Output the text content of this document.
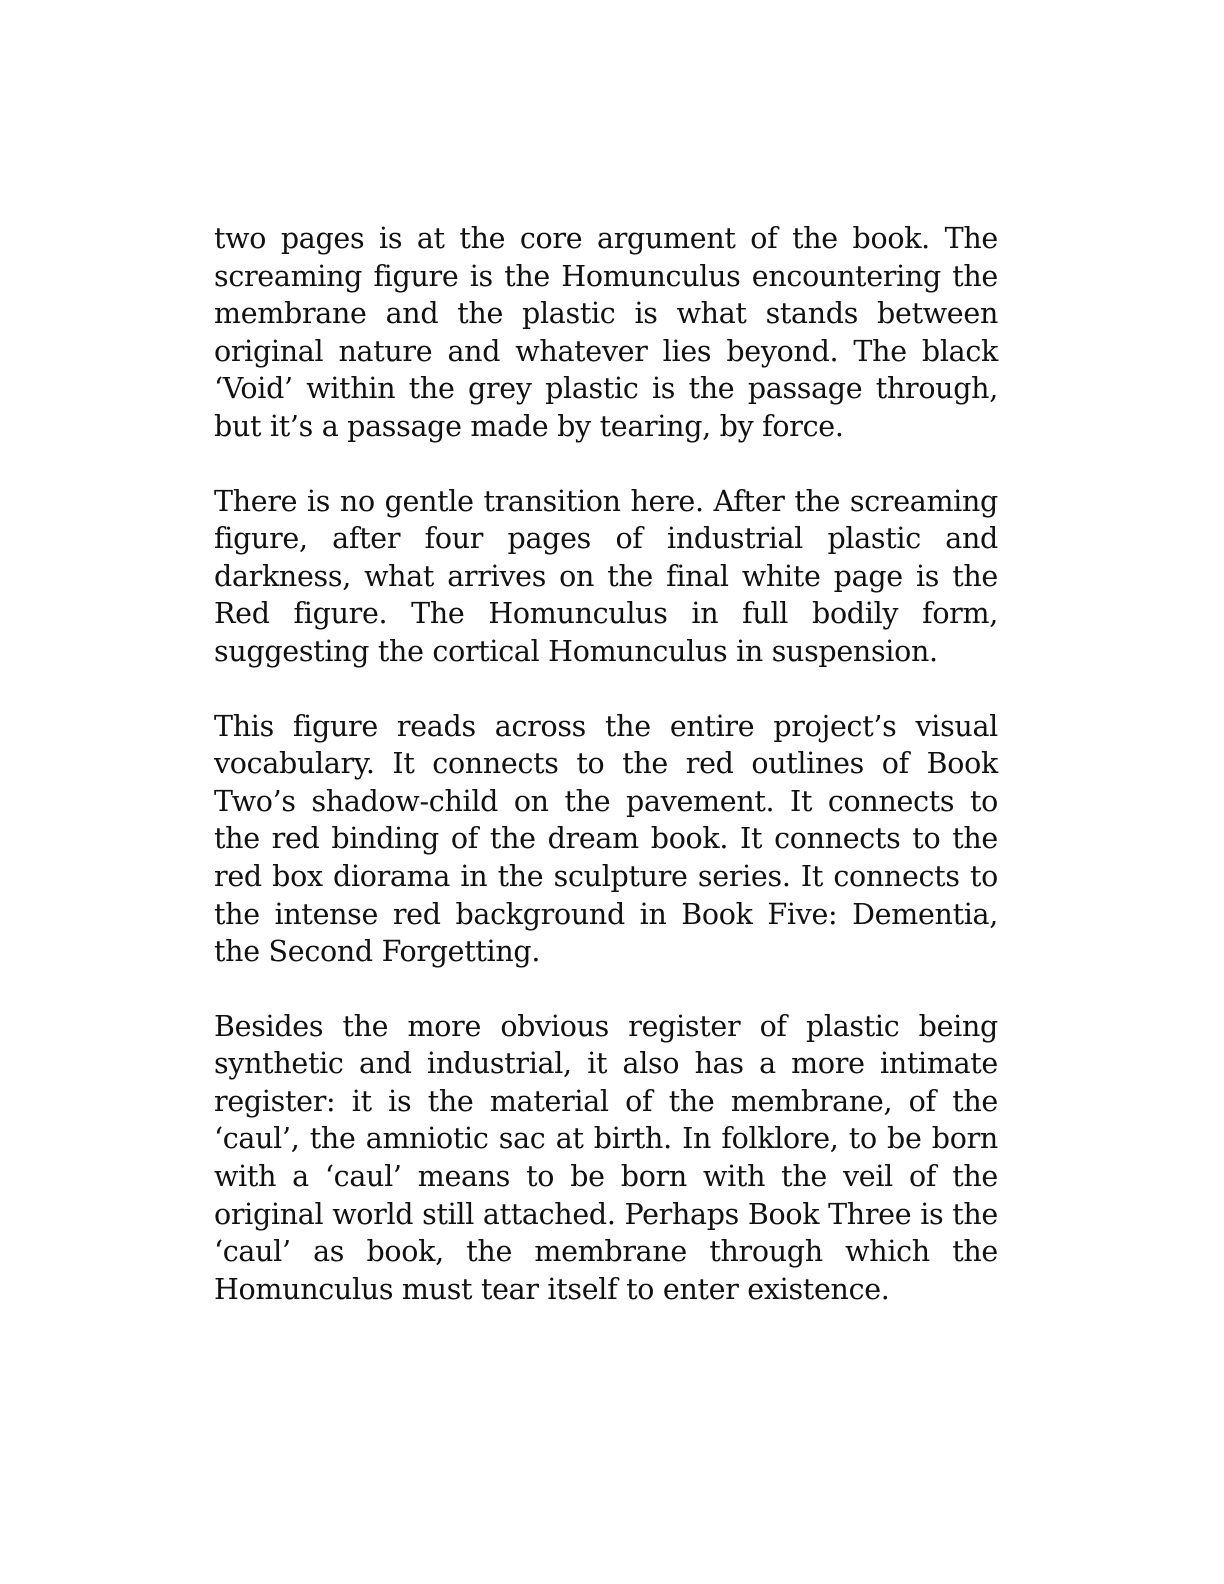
two pages is at the core argument of the book. The screaming figure is the Homunculus encountering the membrane and the plastic is what stands between original nature and whatever lies beyond. The black ‘Void’ within the grey plastic is the passage through, but it’s a passage made by tearing, by force.

There is no gentle transition here. After the screaming figure, after four pages of industrial plastic and darkness, what arrives on the final white page is the Red figure. The Homunculus in full bodily form, suggesting the cortical Homunculus in suspension.

This figure reads across the entire project’s visual vocabulary. It connects to the red outlines of Book Two’s shadow-child on the pavement. It connects to the red binding of the dream book. It connects to the red box diorama in the sculpture series. It connects to the intense red background in Book Five: Dementia, the Second Forgetting.

Besides the more obvious register of plastic being synthetic and industrial, it also has a more intimate register: it is the material of the membrane, of the ‘caul’, the amniotic sac at birth. In folklore, to be born with a ‘caul’ means to be born with the veil of the original world still attached. Perhaps Book Three is the ‘caul’ as book, the membrane through which the Homunculus must tear itself to enter existence.
